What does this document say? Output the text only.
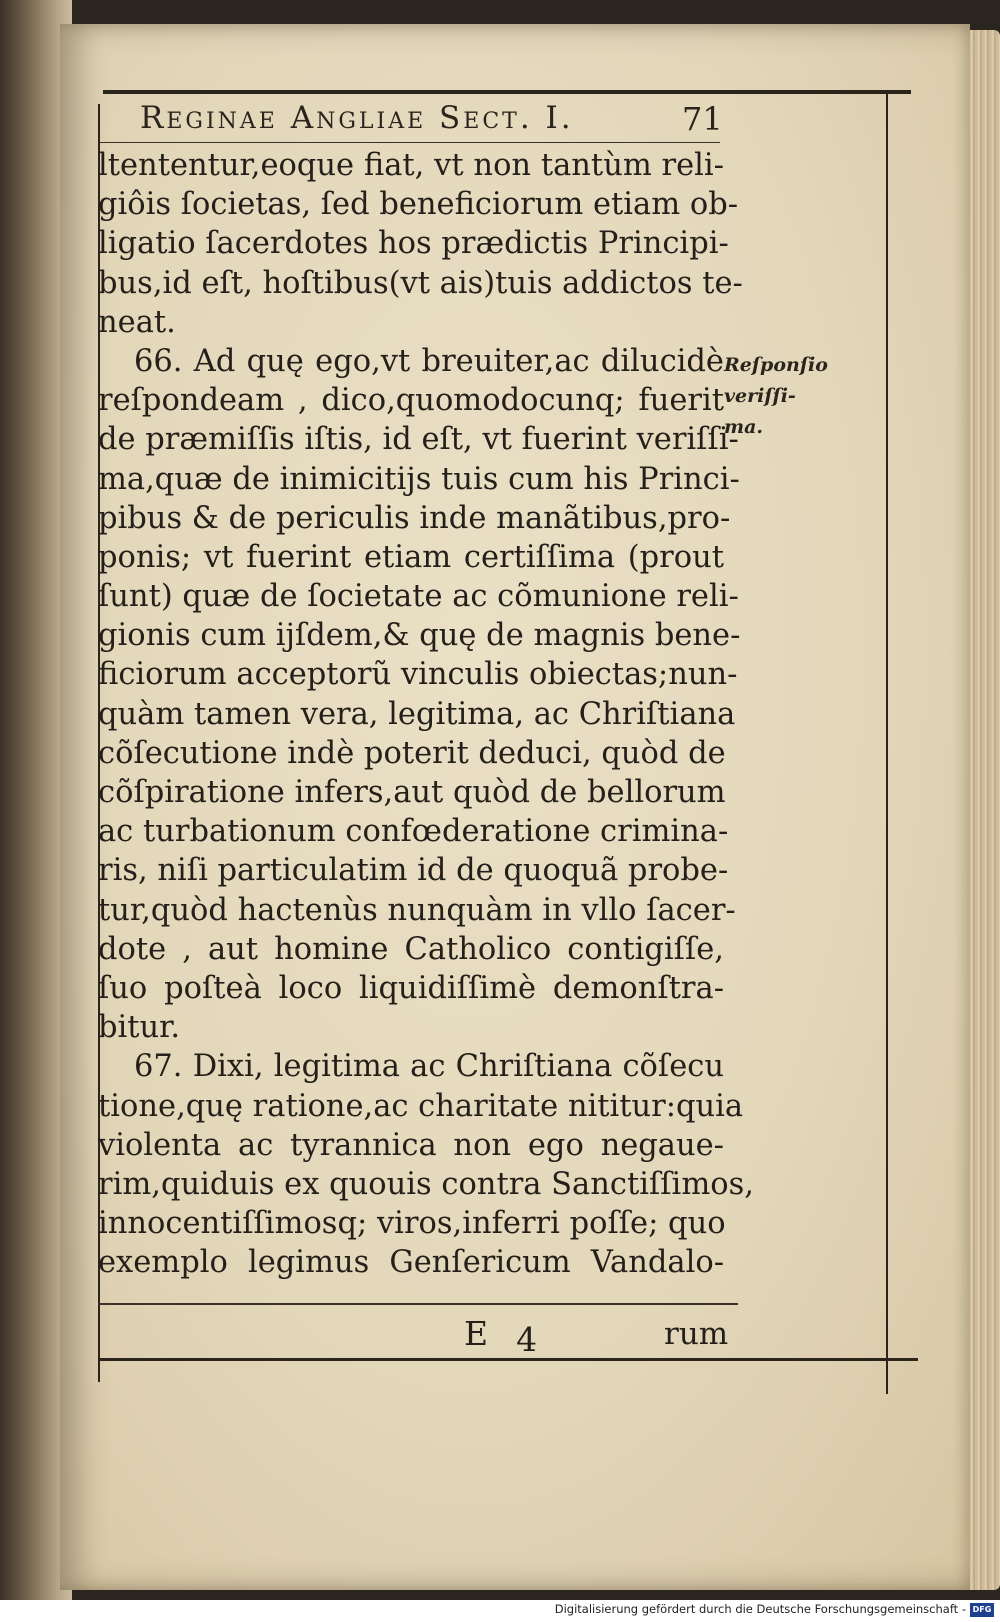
Reginae Angliae Sect. I.	71
ltententur,eoque fiat, vt non tantùm reli-
giôis ſocietas, ſed beneficiorum etiam ob-
ligatio ſacerdotes hos prædictis Principi-
bus,id eſt, hoſtibus(vt ais)tuis addictos te-
neat.
66. Ad quę ego,vt breuiter,ac dilucidè
reſpondeam , dico,quomodocunq; fuerit
de præmiſſis iſtis, id eſt, vt fuerint veriſſi-
ma,quæ de inimicitijs tuis cum his Princi-
pibus & de periculis inde manãtibus,pro-
ponis; vt fuerint etiam certiſſima (prout
ſunt) quæ de ſocietate ac cõmunione reli-
gionis cum ijſdem,& quę de magnis bene-
ficiorum acceptorũ vinculis obiectas;nun-
quàm tamen vera, legitima, ac Chriſtiana
cõſecutione indè poterit deduci, quòd de
cõſpiratione infers,aut quòd de bellorum
ac turbationum confœderatione crimina-
ris, niſi particulatim id de quoquã probe-
tur,quòd hactenùs nunquàm in vllo ſacer-
dote , aut homine Catholico contigiſſe,
ſuo poſteà loco liquidiſſimè demonſtra-
bitur.
67. Dixi, legitima ac Chriſtiana cõſecu
tione,quę ratione,ac charitate nititur:quia
violenta ac tyrannica non ego negaue-
rim,quiduis ex quouis contra Sanctiſſimos,
innocentiſſimosq; viros,inferri poſſe; quo
exemplo legimus Genſericum Vandalo-
Reſponſio
veriſſi-
ma.
E 4	rum
Digitalisierung gefördert durch die Deutsche Forschungsgemeinschaft - DFG
